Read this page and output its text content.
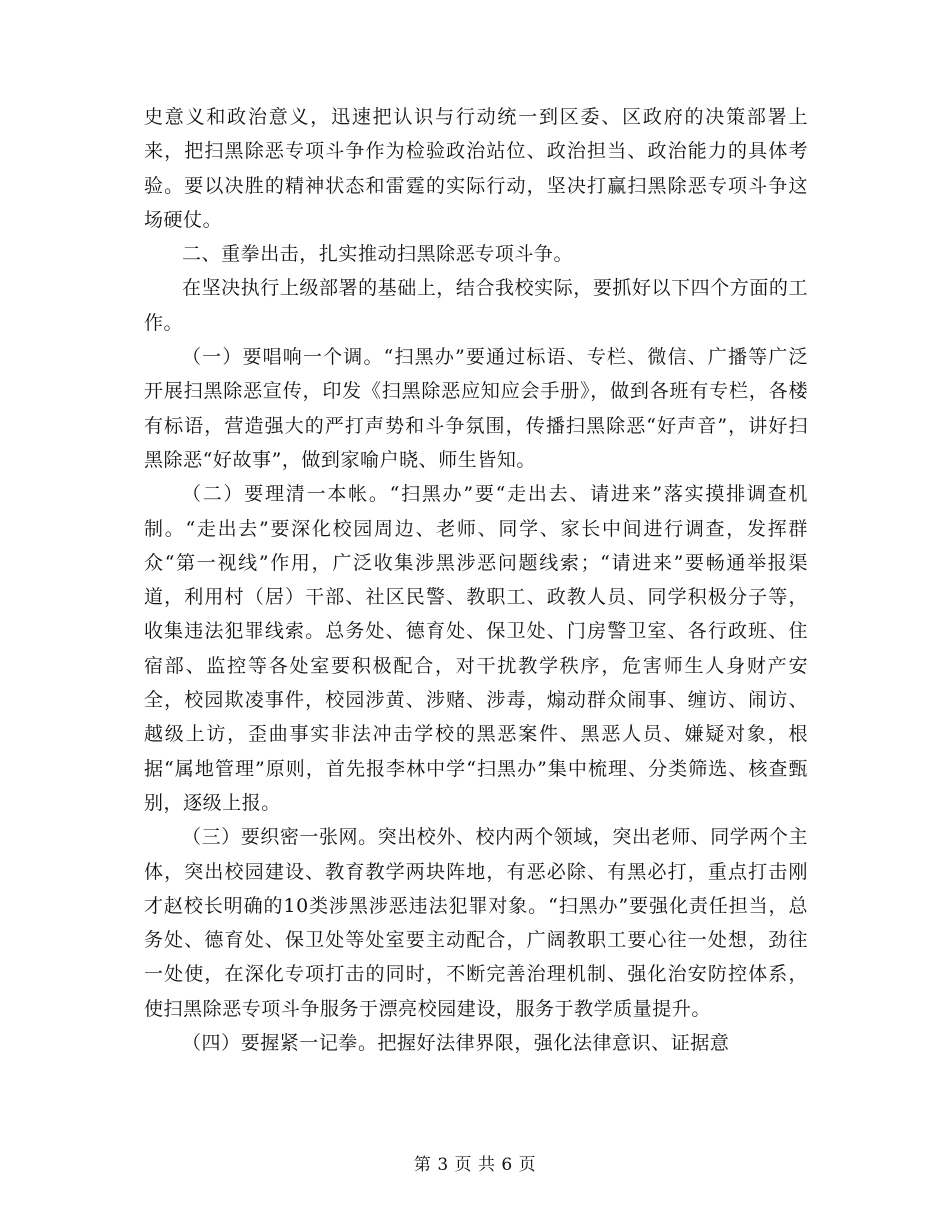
史意义和政治意义，迅速把认识与行动统一到区委、区政府的决策部署上来，把扫黑除恶专项斗争作为检验政治站位、政治担当、政治能力的具体考验。要以决胜的精神状态和雷霆的实际行动，坚决打赢扫黑除恶专项斗争这场硬仗。

二、重拳出击，扎实推动扫黑除恶专项斗争。

在坚决执行上级部署的基础上，结合我校实际，要抓好以下四个方面的工作。

（一）要唱响一个调。“扫黑办”要通过标语、专栏、微信、广播等广泛开展扫黑除恶宣传，印发《扫黑除恶应知应会手册》，做到各班有专栏，各楼有标语，营造强大的严打声势和斗争氛围，传播扫黑除恶“好声音”，讲好扫黑除恶“好故事”，做到家喻户晓、师生皆知。

（二）要理清一本帐。“扫黑办”要“走出去、请进来”落实摸排调查机制。“走出去”要深化校园周边、老师、同学、家长中间进行调查，发挥群众“第一视线”作用，广泛收集涉黑涉恶问题线索；“请进来”要畅通举报渠道，利用村（居）干部、社区民警、教职工、政教人员、同学积极分子等，收集违法犯罪线索。总务处、德育处、保卫处、门房警卫室、各行政班、住宿部、监控等各处室要积极配合，对干扰教学秩序，危害师生人身财产安全，校园欺凌事件，校园涉黄、涉赌、涉毒，煽动群众闹事、缠访、闹访、越级上访，歪曲事实非法冲击学校的黑恶案件、黑恶人员、嫌疑对象，根据“属地管理”原则，首先报李林中学“扫黑办”集中梳理、分类筛选、核查甄别，逐级上报。

（三）要织密一张网。突出校外、校内两个领域，突出老师、同学两个主体，突出校园建设、教育教学两块阵地，有恶必除、有黑必打，重点打击刚才赵校长明确的10类涉黑涉恶违法犯罪对象。“扫黑办”要强化责任担当，总务处、德育处、保卫处等处室要主动配合，广阔教职工要心往一处想，劲往一处使，在深化专项打击的同时，不断完善治理机制、强化治安防控体系，使扫黑除恶专项斗争服务于漂亮校园建设，服务于教学质量提升。

（四）要握紧一记拳。把握好法律界限，强化法律意识、证据意

第 3 页 共 6 页
